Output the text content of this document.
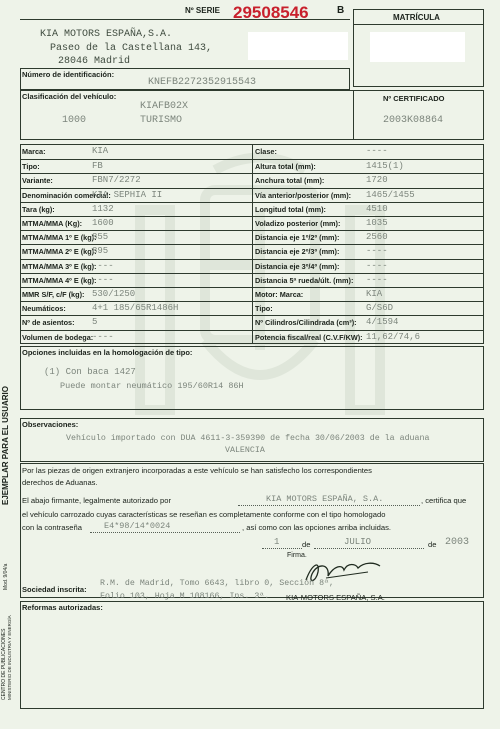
EJEMPLAR PARA EL USUARIO
Mod. 9/04/a
CENTRO DE PUBLICACIONES MINISTERIO DE INDUSTRIA Y ENERGÍA
Nº SERIE 29508546	B
MATRÍCULA
KIA MOTORS ESPAÑA,S.A.
Paseo de la Castellana 143,
28046 Madrid
Número de identificación:
KNEFB2272352915543
Clasificación del vehículo:
KIAFB02X
1000	TURISMO
Nº CERTIFICADO
2003K08864
Marca:	KIA
Tipo:	FB
Variante:	FBN7/2272
Denominación comercial:
KIA SEPHIA II
Tara (kg):	1132
MTMA/MMA (Kg): 1600
MTMA/MMA 1º E (kg):
855
MTMA/MMA 2º E (kg):
895
MTMA/MMA 3º E (kg):
----
MTMA/MMA 4º E (kg):
----
MMR S/F, c/F (kg): 530/1250
Neumáticos:	4+1 185/65R1486H
Nº de asientos: 5
Volumen de bodega:
----
Clase:	----
Altura total (mm):	1415(1)
Anchura total (mm):	1720
Vía anterior/posterior (mm): 1465/1455
Longitud total (mm):	4510
Voladizo posterior (mm):	1035
Distancia eje 1º/2º (mm):	2560
Distancia eje 2º/3º (mm):	----
Distancia eje 3º/4º (mm):	----
Distancia 5ª rueda/últ. (mm): ----
Motor: Marca:	KIA
Tipo:	G/S6D
Nº Cilindros/Cilindrada (cm³): 4/1594
Potencia fiscal/real (C.V.F/KW): 11,62/74,6
Opciones incluidas en la homologación de tipo:
(1) Con baca 1427
Puede montar neumático 195/60R14 86H
Observaciones:
Vehículo importado con DUA 4611-3-359390 de fecha 30/06/2003 de la aduana
VALENCIA
Por las piezas de origen extranjero incorporadas a este vehículo se han satisfecho los correspondientes
derechos de Aduanas.
El abajo firmante, legalmente autorizado por	KIA MOTORS ESPAÑA, S.A.	, certifica que
el vehículo carrozado cuyas características se reseñan es completamente conforme con el tipo homologado
con la contraseña	E4*98/14*0024	, así como con las opciones arriba incluidas.
1	de	JULIO	de 2003
Firma.
Sociedad inscrita:
R.M. de Madrid, Tomo 6643, libro 0, Sección 8ª,
Folio 103, Hoja M 108166, Ins. 3ª. KIA-MOTORS ESPAÑA, S.A.
Reformas autorizadas:
